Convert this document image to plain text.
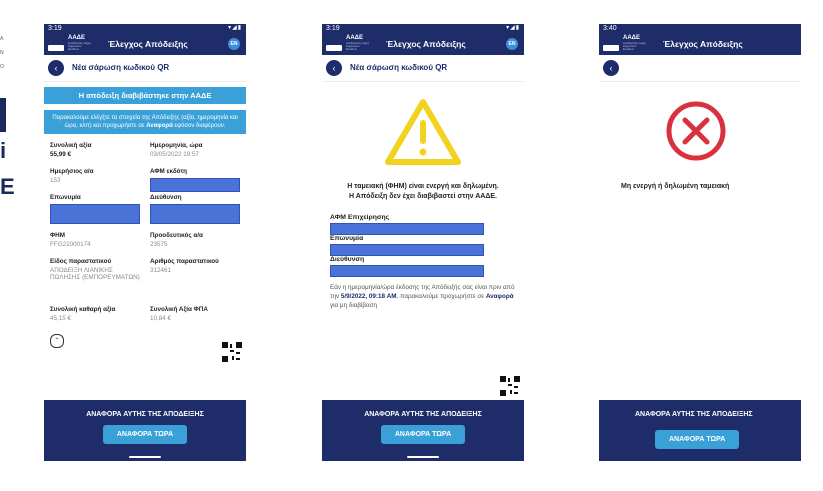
Α
Ν
Ο
i
E
3:19	▾◢▮
ΑΑΔΕ
Ανεξάρτητη Αρχή Δημοσίων Εσόδων	Έλεγχος Απόδειξης	EN
‹	Νέα σάρωση κωδικού QR
Η απόδειξη διαβιβάστηκε στην ΑΑΔΕ
Παρακαλούμε ελέγξτε τα στοιχεία της Απόδειξης (αξία, ημερομηνία και ώρα, κλπ) και προχωρήστε σε Αναφορά εφόσον διαφέρουν.
Συνολική αξία
55,99 €
Ημερομηνία, ώρα
03/05/2022 19:57
Ημερήσιος α/α
153
ΑΦΜ εκδότη
Επωνυμία	Διεύθυνση
ΦΗΜ
FFG21000174
Προοδευτικός α/α
23575
Είδος παραστατικού
ΑΠΟΔΕΙΞΗ ΛΙΑΝΙΚΗΣ ΠΩΛΗΣΗΣ (ΕΜΠΟΡΕΥΜΑΤΩΝ)
Αριθμός παραστατικού
312461
Συνολική καθαρή αξία
45,15 €
Συνολική Αξία ΦΠΑ
10,84 €
⌃
ΑΝΑΦΟΡΑ ΑΥΤΗΣ ΤΗΣ ΑΠΟΔΕΙΞΗΣ
ΑΝΑΦΟΡΑ ΤΩΡΑ
3:19	▾◢▮
ΑΑΔΕ
Ανεξάρτητη Αρχή Δημοσίων Εσόδων	Έλεγχος Απόδειξης	EN
‹	Νέα σάρωση κωδικού QR
Η ταμειακή (ΦΗΜ) είναι ενεργή και δηλωμένη.
Η Απόδειξη δεν έχει διαβιβαστεί στην ΑΑΔΕ.
ΑΦΜ Επιχείρησης
Επωνυμία
Διεύθυνση
Εάν η ημερομηνία/ώρα έκδοσης της Απόδειξής σας είναι πριν από την 5/9/2022, 09:18 AM, παρακαλούμε προχωρήστε σε Αναφορά για μη διαβίβαση
ΑΝΑΦΟΡΑ ΑΥΤΗΣ ΤΗΣ ΑΠΟΔΕΙΞΗΣ
ΑΝΑΦΟΡΑ ΤΩΡΑ
3:40
ΑΑΔΕ
Ανεξάρτητη Αρχή Δημοσίων Εσόδων	Έλεγχος Απόδειξης
‹
Μη ενεργή ή δηλωμένη ταμειακή
ΑΝΑΦΟΡΑ ΑΥΤΗΣ ΤΗΣ ΑΠΟΔΕΙΞΗΣ
ΑΝΑΦΟΡΑ ΤΩΡΑ
